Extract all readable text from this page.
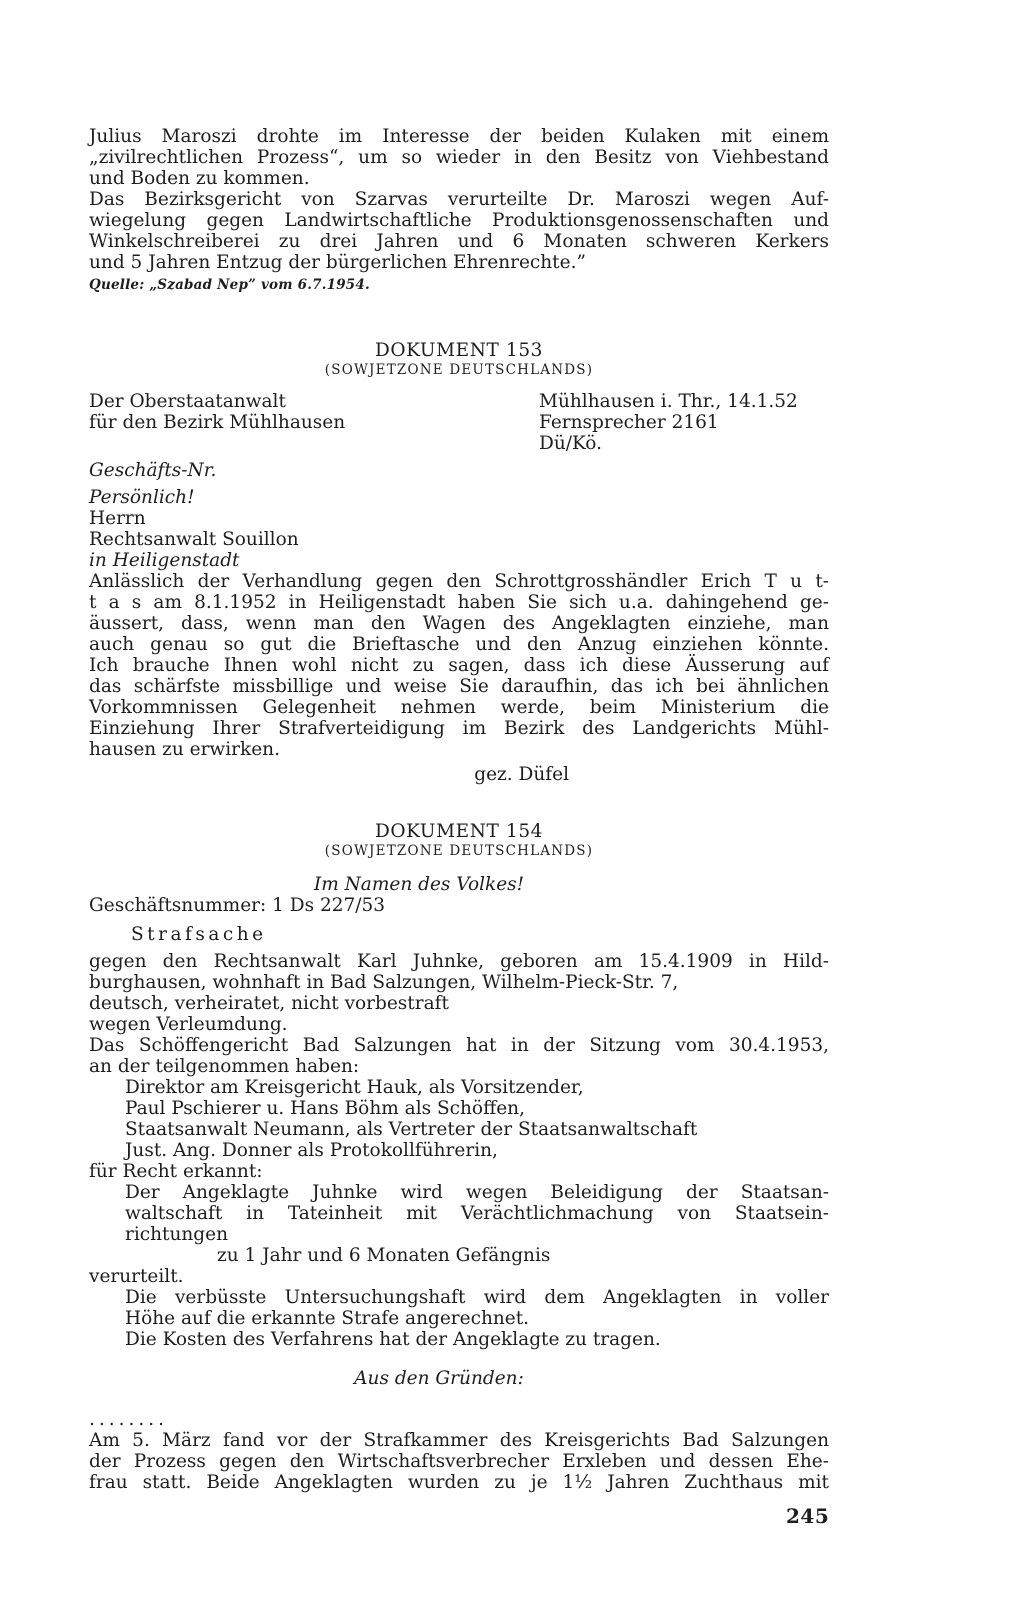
Julius Maroszi drohte im Interesse der beiden Kulaken mit einem

„zivilrechtlichen Prozess“, um so wieder in den Besitz von Viehbestand

und Boden zu kommen.

Das Bezirksgericht von Szarvas verurteilte Dr. Maroszi wegen Auf-

wiegelung gegen Landwirtschaftliche Produktionsgenossenschaften und

Winkelschreiberei zu drei Jahren und 6 Monaten schweren Kerkers

und 5 Jahren Entzug der bürgerlichen Ehrenrechte.”

Quelle: „Szabad Nep” vom 6.7.1954.

DOKUMENT 153

(SOWJETZONE DEUTSCHLANDS)

Der Oberstaatanwalt

für den Bezirk Mühlhausen

Mühlhausen i. Thr., 14.1.52

Fernsprecher 2161

Dü/Kö.

Geschäfts-Nr.

Persönlich!

Herrn

Rechtsanwalt Souillon

in Heiligenstadt

Anlässlich der Verhandlung gegen den Schrottgrosshändler Erich T u t-

t a s am 8.1.1952 in Heiligenstadt haben Sie sich u.a. dahingehend ge-

äussert, dass, wenn man den Wagen des Angeklagten einziehe, man

auch genau so gut die Brieftasche und den Anzug einziehen könnte.

Ich brauche Ihnen wohl nicht zu sagen, dass ich diese Äusserung auf

das schärfste missbillige und weise Sie daraufhin, das ich bei ähnlichen

Vorkommnissen Gelegenheit nehmen werde, beim Ministerium die

Einziehung Ihrer Strafverteidigung im Bezirk des Landgerichts Mühl-

hausen zu erwirken.

gez. Düfel

DOKUMENT 154

(SOWJETZONE DEUTSCHLANDS)

Im Namen des Volkes!

Geschäftsnummer: 1 Ds 227/53

Strafsache

gegen den Rechtsanwalt Karl Juhnke, geboren am 15.4.1909 in Hild-

burghausen, wohnhaft in Bad Salzungen, Wilhelm-Pieck-Str. 7,

deutsch, verheiratet, nicht vorbestraft

wegen Verleumdung.

Das Schöffengericht Bad Salzungen hat in der Sitzung vom 30.4.1953,

an der teilgenommen haben:

Direktor am Kreisgericht Hauk, als Vorsitzender,

Paul Pschierer u. Hans Böhm als Schöffen,

Staatsanwalt Neumann, als Vertreter der Staatsanwaltschaft

Just. Ang. Donner als Protokollführerin,

für Recht erkannt:

Der Angeklagte Juhnke wird wegen Beleidigung der Staatsan-

waltschaft in Tateinheit mit Verächtlichmachung von Staatsein-

richtungen

zu 1 Jahr und 6 Monaten Gefängnis

verurteilt.

Die verbüsste Untersuchungshaft wird dem Angeklagten in voller

Höhe auf die erkannte Strafe angerechnet.

Die Kosten des Verfahrens hat der Angeklagte zu tragen.

Aus den Gründen:

........

Am 5. März fand vor der Strafkammer des Kreisgerichts Bad Salzungen

der Prozess gegen den Wirtschaftsverbrecher Erxleben und dessen Ehe-

frau statt. Beide Angeklagten wurden zu je 1½ Jahren Zuchthaus mit

245
